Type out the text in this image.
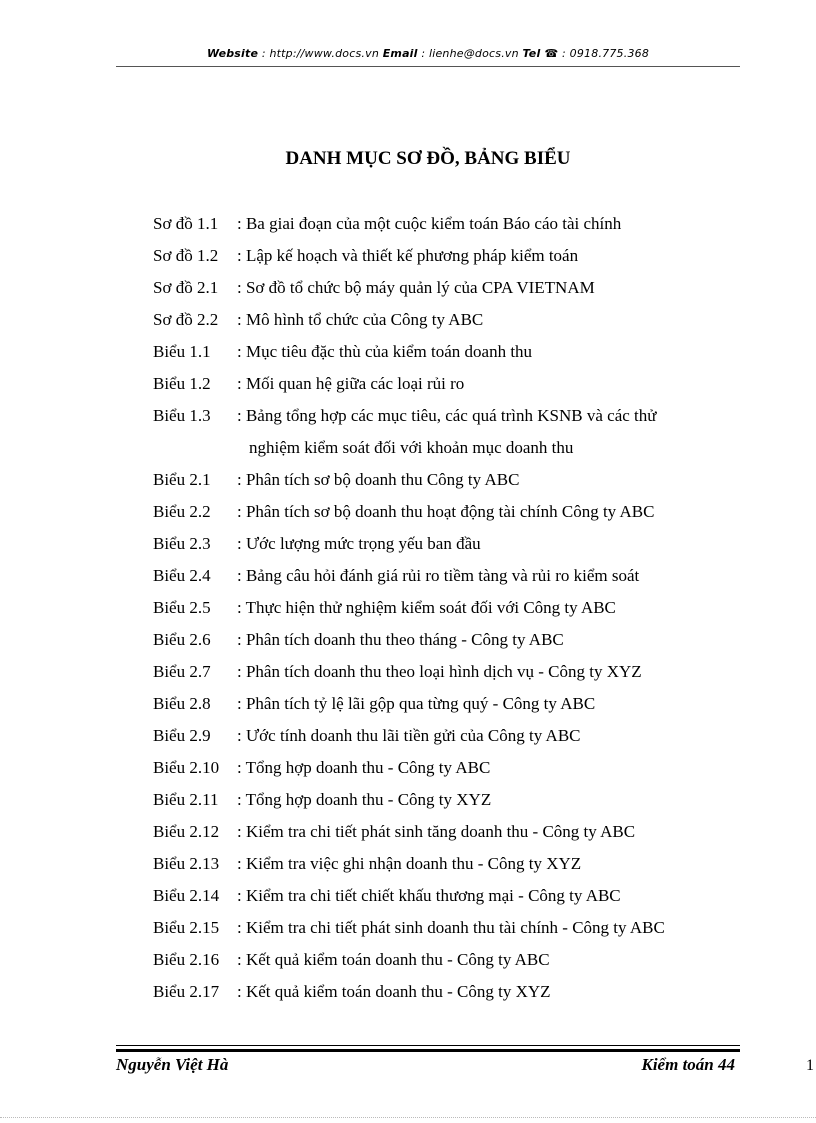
Website : http://www.docs.vn Email : lienhe@docs.vn Tel ☎ : 0918.775.368
DANH MỤC SƠ ĐỒ, BẢNG BIỂU
Sơ đồ 1.1	: Ba giai đoạn của một cuộc kiểm toán Báo cáo tài chính
Sơ đồ 1.2	: Lập kế hoạch và thiết kế phương pháp kiểm toán
Sơ đồ 2.1	: Sơ đồ tổ chức bộ máy quản lý của CPA VIETNAM
Sơ đồ 2.2	: Mô hình tổ chức của Công ty ABC
Biểu 1.1	: Mục tiêu đặc thù của kiểm toán doanh thu
Biểu 1.2	: Mối quan hệ giữa các loại rủi ro
Biểu 1.3	: Bảng tổng hợp các mục tiêu, các quá trình KSNB và các thử
nghiệm kiểm soát đối với khoản mục doanh thu
Biểu 2.1	: Phân tích sơ bộ doanh thu Công ty ABC
Biểu 2.2	: Phân tích sơ bộ doanh thu hoạt động tài chính Công ty ABC
Biểu 2.3	: Ước lượng mức trọng yếu ban đầu
Biểu 2.4	: Bảng câu hỏi đánh giá rủi ro tiềm tàng và rủi ro kiểm soát
Biểu 2.5	: Thực hiện thử nghiệm kiểm soát đối với Công ty ABC
Biểu 2.6	: Phân tích doanh thu theo tháng - Công ty ABC
Biểu 2.7	: Phân tích doanh thu theo loại hình dịch vụ - Công ty XYZ
Biểu 2.8	: Phân tích tỷ lệ lãi gộp qua từng quý - Công ty ABC
Biểu 2.9	: Ước tính doanh thu lãi tiền gửi của Công ty ABC
Biểu 2.10	: Tổng hợp doanh thu - Công ty ABC
Biểu 2.11	: Tổng hợp doanh thu - Công ty XYZ
Biểu 2.12	: Kiểm tra chi tiết phát sinh tăng doanh thu - Công ty ABC
Biểu 2.13	: Kiểm tra việc ghi nhận doanh thu - Công ty XYZ
Biểu 2.14	: Kiểm tra chi tiết chiết khấu thương mại - Công ty ABC
Biểu 2.15	: Kiểm tra chi tiết phát sinh doanh thu tài chính - Công ty ABC
Biểu 2.16	: Kết quả kiểm toán doanh thu - Công ty ABC
Biểu 2.17	: Kết quả kiểm toán doanh thu - Công ty XYZ
Nguyễn Việt Hà	Kiểm toán 44	1
